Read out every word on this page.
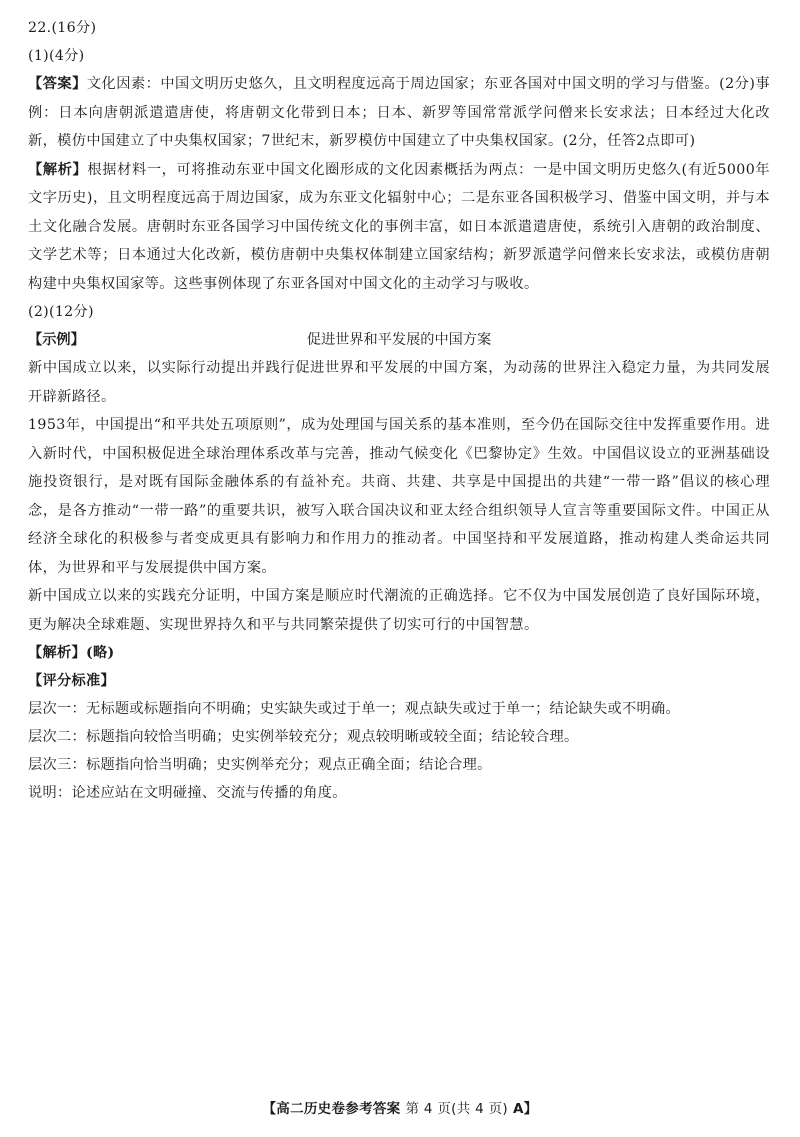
22.(16分)
(1)(4分)
【答案】文化因素：中国文明历史悠久，且文明程度远高于周边国家；东亚各国对中国文明的学习与借鉴。(2分)事例：日本向唐朝派遣遣唐使，将唐朝文化带到日本；日本、新罗等国常常派学问僧来长安求法；日本经过大化改新，模仿中国建立了中央集权国家；7世纪末，新罗模仿中国建立了中央集权国家。(2分，任答2点即可)
【解析】根据材料一，可将推动东亚中国文化圈形成的文化因素概括为两点：一是中国文明历史悠久(有近5000年文字历史)，且文明程度远高于周边国家，成为东亚文化辐射中心；二是东亚各国积极学习、借鉴中国文明，并与本土文化融合发展。唐朝时东亚各国学习中国传统文化的事例丰富，如日本派遣遣唐使，系统引入唐朝的政治制度、文学艺术等；日本通过大化改新，模仿唐朝中央集权体制建立国家结构；新罗派遣学问僧来长安求法，或模仿唐朝构建中央集权国家等。这些事例体现了东亚各国对中国文化的主动学习与吸收。
(2)(12分)
【示例】	促进世界和平发展的中国方案
新中国成立以来，以实际行动提出并践行促进世界和平发展的中国方案，为动荡的世界注入稳定力量，为共同发展开辟新路径。
1953年，中国提出“和平共处五项原则”，成为处理国与国关系的基本准则，至今仍在国际交往中发挥重要作用。进入新时代，中国积极促进全球治理体系改革与完善，推动气候变化《巴黎协定》生效。中国倡议设立的亚洲基础设施投资银行，是对既有国际金融体系的有益补充。共商、共建、共享是中国提出的共建“一带一路”倡议的核心理念，是各方推动“一带一路”的重要共识，被写入联合国决议和亚太经合组织领导人宣言等重要国际文件。中国正从经济全球化的积极参与者变成更具有影响力和作用力的推动者。中国坚持和平发展道路，推动构建人类命运共同体，为世界和平与发展提供中国方案。
新中国成立以来的实践充分证明，中国方案是顺应时代潮流的正确选择。它不仅为中国发展创造了良好国际环境，更为解决全球难题、实现世界持久和平与共同繁荣提供了切实可行的中国智慧。
【解析】(略)
【评分标准】
层次一：无标题或标题指向不明确；史实缺失或过于单一；观点缺失或过于单一；结论缺失或不明确。
层次二：标题指向较恰当明确；史实例举较充分；观点较明晰或较全面；结论较合理。
层次三：标题指向恰当明确；史实例举充分；观点正确全面；结论合理。
说明：论述应站在文明碰撞、交流与传播的角度。
【高二历史卷参考答案 第 4 页(共 4 页) A】
